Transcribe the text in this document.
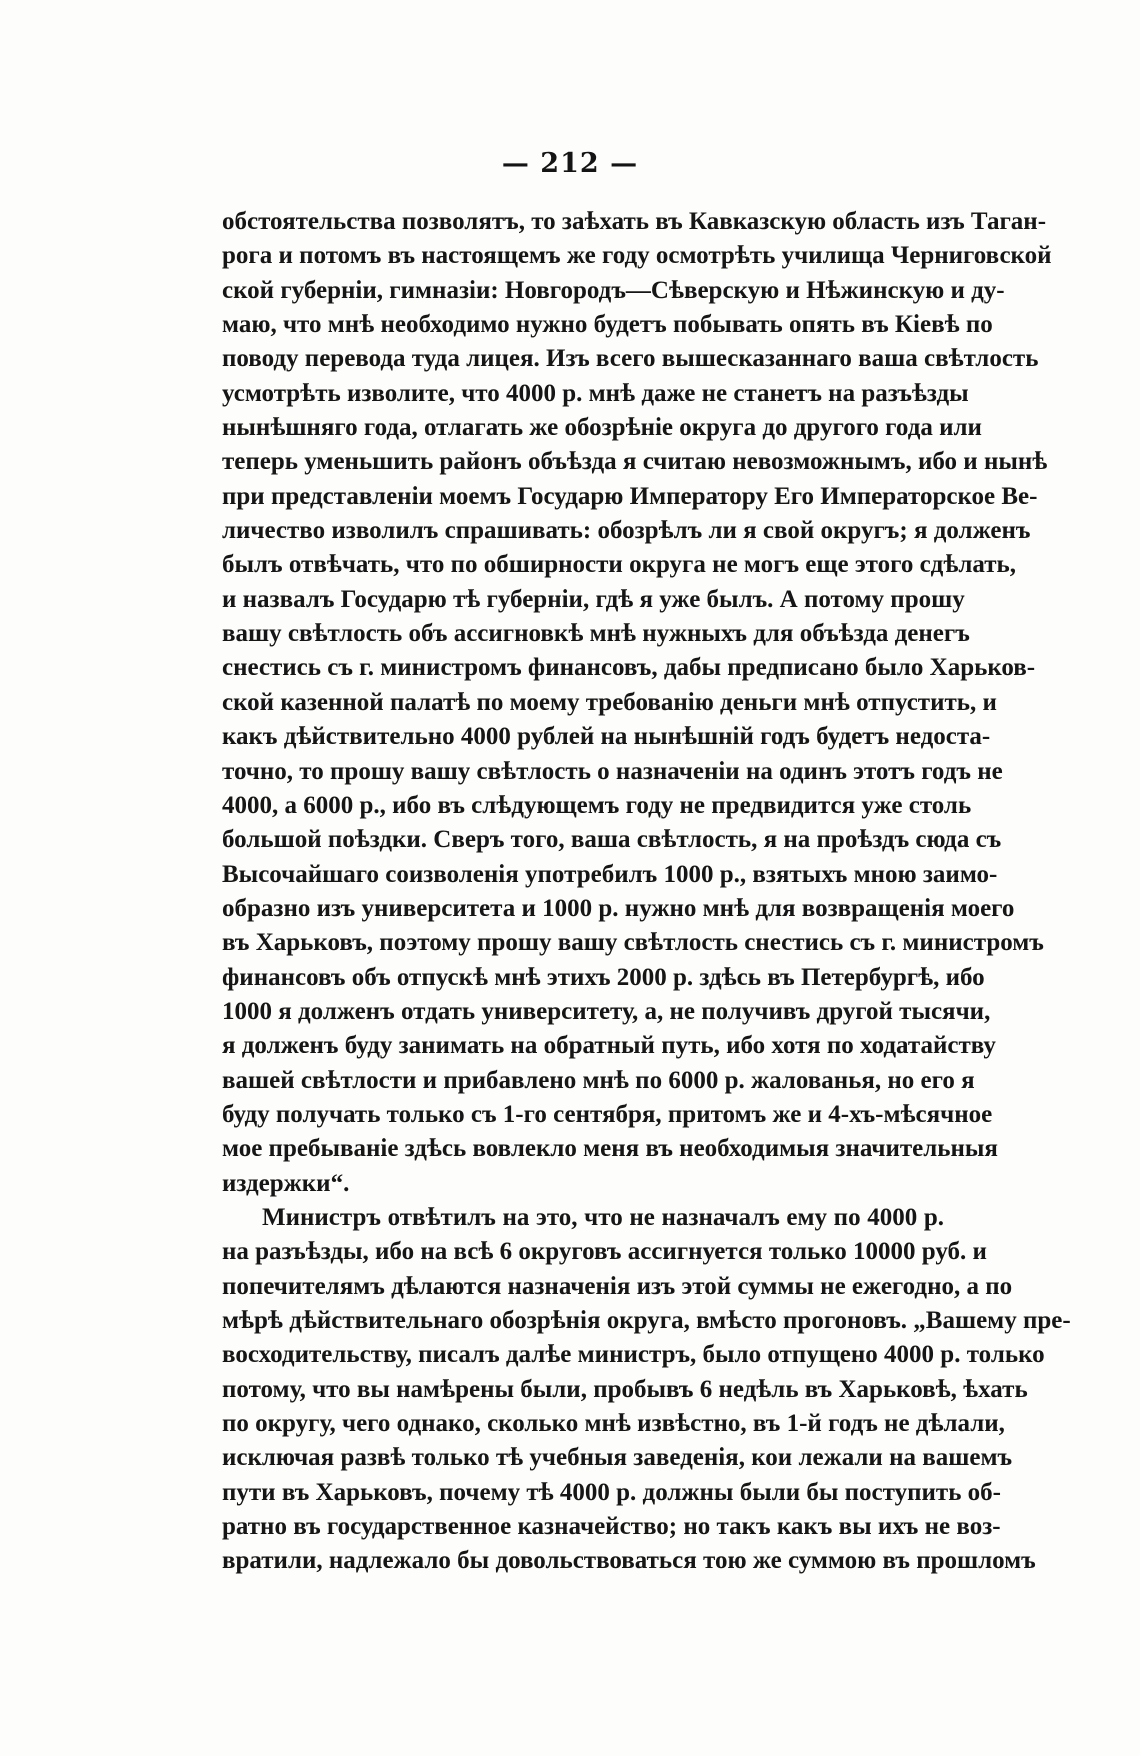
— 212 —
обстоятельства позволятъ, то заѣхать въ Кавказскую область изъ Таган-
рога и потомъ въ настоящемъ же году осмотрѣть училища Черниговской
ской губерніи, гимназіи: Новгородъ—Сѣверскую и Нѣжинскую и ду-
маю, что мнѣ необходимо нужно будетъ побывать опять въ Кіевѣ по
поводу перевода туда лицея. Изъ всего вышесказаннаго ваша свѣтлость
усмотрѣть изволите, что 4000 р. мнѣ даже не станетъ на разъѣзды
нынѣшняго года, отлагать же обозрѣніе округа до другого года или
теперь уменьшить районъ объѣзда я считаю невозможнымъ, ибо и нынѣ
при представленіи моемъ Государю Императору Его Императорское Ве-
личество изволилъ спрашивать: обозрѣлъ ли я свой округъ; я долженъ
былъ отвѣчать, что по обширности округа не могъ еще этого сдѣлать,
и назвалъ Государю тѣ губерніи, гдѣ я уже былъ. А потому прошу
вашу свѣтлость объ ассигновкѣ мнѣ нужныхъ для объѣзда денегъ
снестись съ г. министромъ финансовъ, дабы предписано было Харьков-
ской казенной палатѣ по моему требованію деньги мнѣ отпустить, и
какъ дѣйствительно 4000 рублей на нынѣшній годъ будетъ недоста-
точно, то прошу вашу свѣтлость о назначеніи на одинъ этотъ годъ не
4000, а 6000 р., ибо въ слѣдующемъ году не предвидится уже столь
большой поѣздки. Сверъ того, ваша свѣтлость, я на проѣздъ сюда съ
Высочайшаго соизволенія употребилъ 1000 р., взятыхъ мною заимо-
образно изъ университета и 1000 р. нужно мнѣ для возвращенія моего
въ Харьковъ, поэтому прошу вашу свѣтлость снестись съ г. министромъ
финансовъ объ отпускѣ мнѣ этихъ 2000 р. здѣсь въ Петербургѣ, ибо
1000 я долженъ отдать университету, а, не получивъ другой тысячи,
я долженъ буду занимать на обратный путь, ибо хотя по ходатайству
вашей свѣтлости и прибавлено мнѣ по 6000 р. жалованья, но его я
буду получать только съ 1-го сентября, притомъ же и 4-хъ-мѣсячное
мое пребываніе здѣсь вовлекло меня въ необходимыя значительныя
издержки“.
Министръ отвѣтилъ на это, что не назначалъ ему по 4000 р.
на разъѣзды, ибо на всѣ 6 округовъ ассигнуется только 10000 руб. и
попечителямъ дѣлаются назначенія изъ этой суммы не ежегодно, а по
мѣрѣ дѣйствительнаго обозрѣнія округа, вмѣсто прогоновъ. „Вашему пре-
восходительству, писалъ далѣе министръ, было отпущено 4000 р. только
потому, что вы намѣрены были, пробывъ 6 недѣль въ Харьковѣ, ѣхать
по округу, чего однако, сколько мнѣ извѣстно, въ 1-й годъ не дѣлали,
исключая развѣ только тѣ учебныя заведенія, кои лежали на вашемъ
пути въ Харьковъ, почему тѣ 4000 р. должны были бы поступить об-
ратно въ государственное казначейство; но такъ какъ вы ихъ не воз-
вратили, надлежало бы довольствоваться тою же суммою въ прошломъ
